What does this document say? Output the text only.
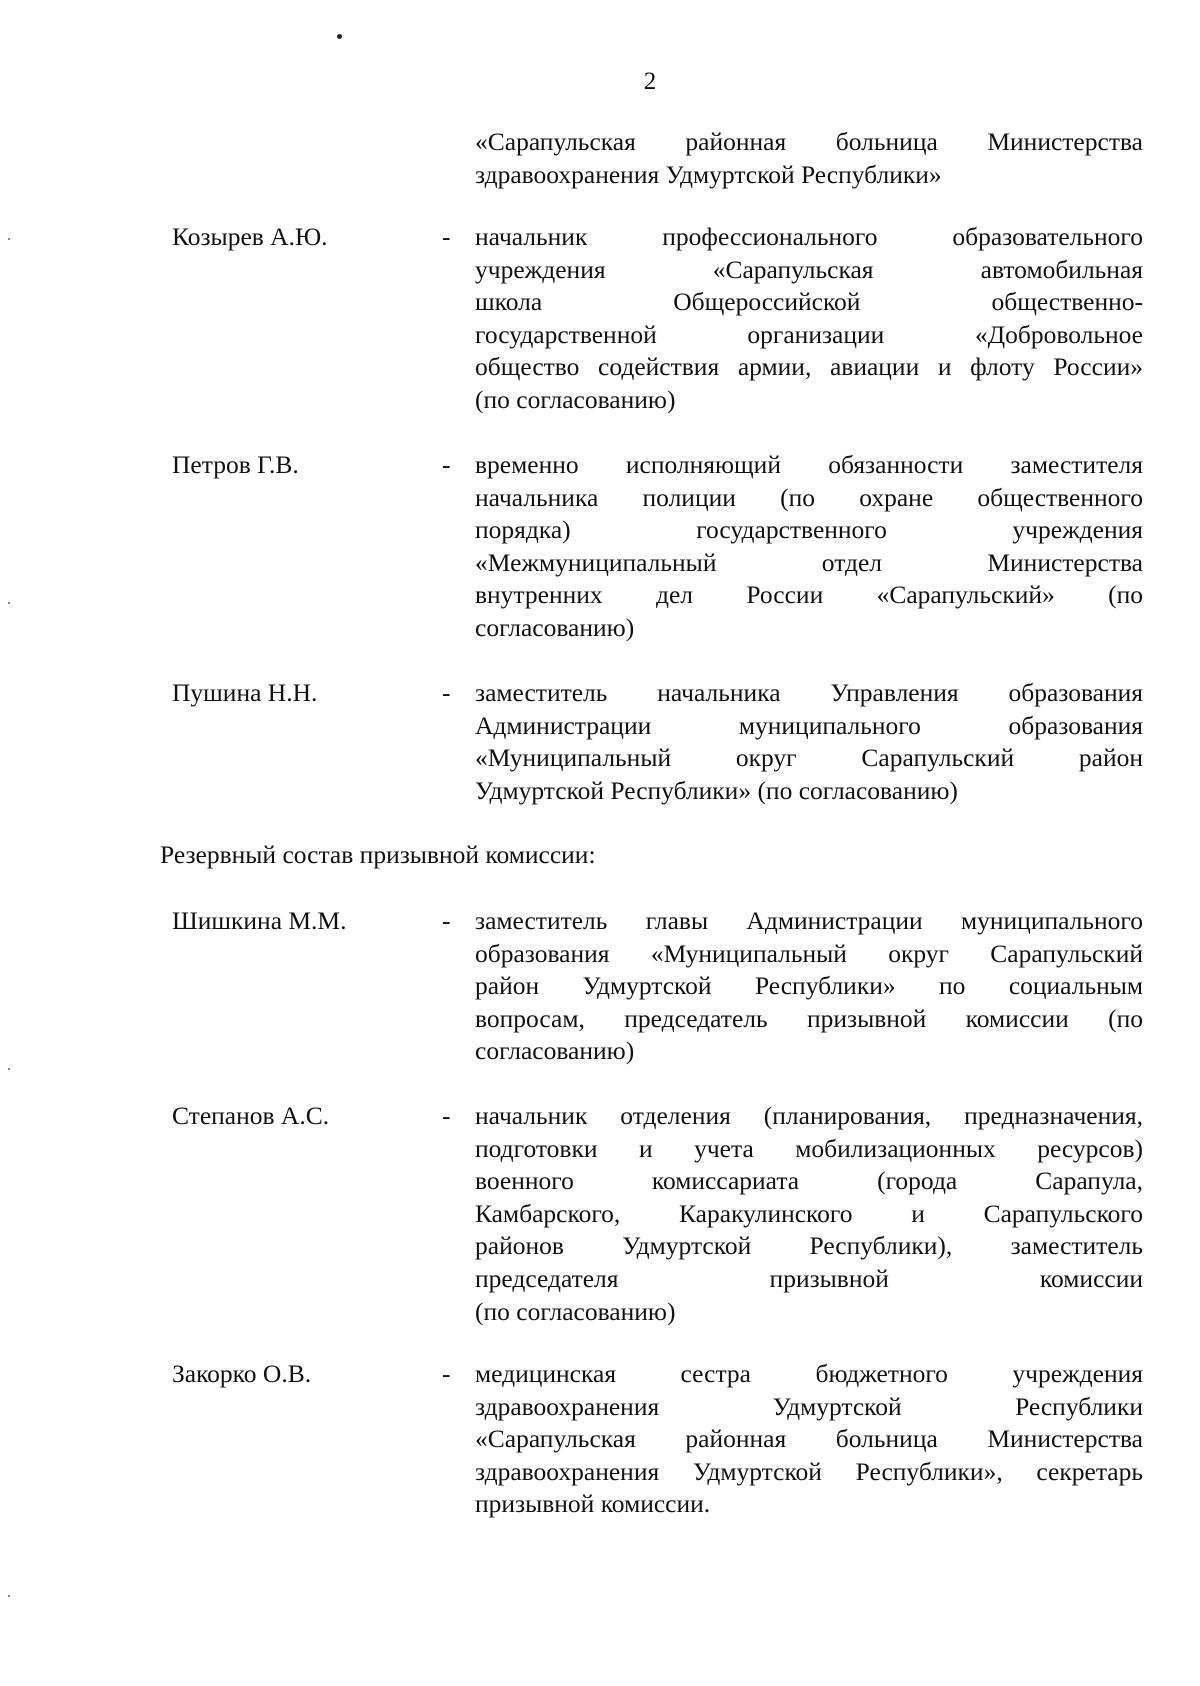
2
«Сарапульская районная больница Министерства
здравоохранения Удмуртской Республики»
Козырев А.Ю.	- начальник профессионального образовательного
учреждения «Сарапульская автомобильная
школа Общероссийской общественно-
государственной организации «Добровольное
общество содействия армии, авиации и флоту России»
(по согласованию)
Петров Г.В.	- временно исполняющий обязанности заместителя
начальника полиции (по охране общественного
порядка) государственного учреждения
«Межмуниципальный отдел Министерства
внутренних дел России «Сарапульский» (по
согласованию)
Пушина Н.Н.	- заместитель начальника Управления образования
Администрации муниципального образования
«Муниципальный округ Сарапульский район
Удмуртской Республики» (по согласованию)
Резервный состав призывной комиссии:
Шишкина М.М.	- заместитель главы Администрации муниципального
образования «Муниципальный округ Сарапульский
район Удмуртской Республики» по социальным
вопросам, председатель призывной комиссии (по
согласованию)
Степанов А.С.	- начальник отделения (планирования, предназначения,
подготовки и учета мобилизационных ресурсов)
военного комиссариата (города Сарапула,
Камбарского, Каракулинского и Сарапульского
районов Удмуртской Республики), заместитель
председателя призывной комиссии
(по согласованию)
Закорко О.В.	- медицинская сестра бюджетного учреждения
здравоохранения Удмуртской Республики
«Сарапульская районная больница Министерства
здравоохранения Удмуртской Республики», секретарь
призывной комиссии.
